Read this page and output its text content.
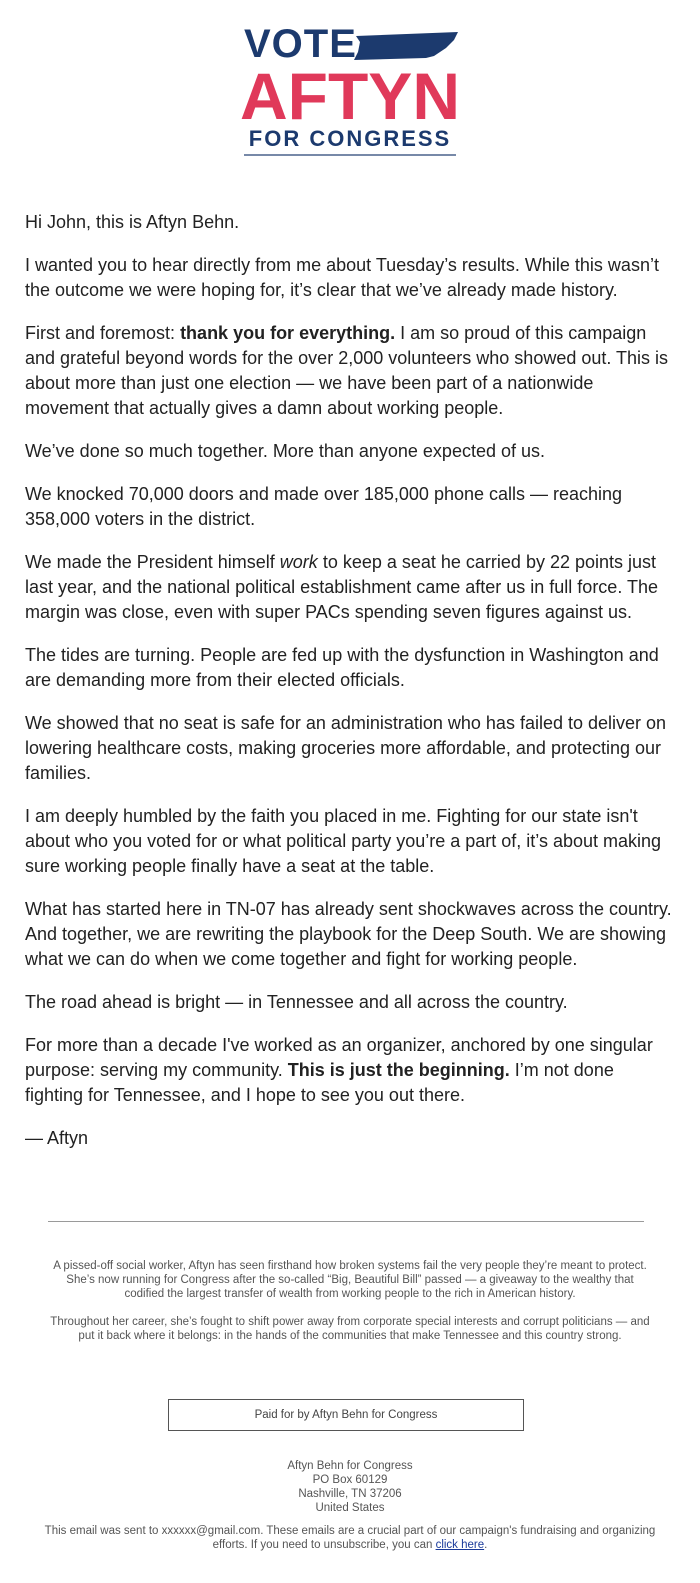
VOTE
AFTYN
FOR CONGRESS

Hi John, this is Aftyn Behn.

I wanted you to hear directly from me about Tuesday’s results. While this wasn’t the outcome we were hoping for, it’s clear that we’ve already made history.

First and foremost: thank you for everything. I am so proud of this campaign and grateful beyond words for the over 2,000 volunteers who showed out. This is about more than just one election — we have been part of a nationwide movement that actually gives a damn about working people.

We’ve done so much together. More than anyone expected of us.

We knocked 70,000 doors and made over 185,000 phone calls — reaching 358,000 voters in the district.

We made the President himself work to keep a seat he carried by 22 points just last year, and the national political establishment came after us in full force. The margin was close, even with super PACs spending seven figures against us.

The tides are turning. People are fed up with the dysfunction in Washington and are demanding more from their elected officials.

We showed that no seat is safe for an administration who has failed to deliver on lowering healthcare costs, making groceries more affordable, and protecting our families.

I am deeply humbled by the faith you placed in me. Fighting for our state isn't about who you voted for or what political party you’re a part of, it’s about making sure working people finally have a seat at the table.

What has started here in TN-07 has already sent shockwaves across the country. And together, we are rewriting the playbook for the Deep South. We are showing what we can do when we come together and fight for working people.

The road ahead is bright — in Tennessee and all across the country.

For more than a decade I've worked as an organizer, anchored by one singular purpose: serving my community. This is just the beginning. I’m not done fighting for Tennessee, and I hope to see you out there.

— Aftyn

A pissed-off social worker, Aftyn has seen firsthand how broken systems fail the very people they’re meant to protect. She’s now running for Congress after the so-called “Big, Beautiful Bill” passed — a giveaway to the wealthy that codified the largest transfer of wealth from working people to the rich in American history.

Throughout her career, she’s fought to shift power away from corporate special interests and corrupt politicians — and put it back where it belongs: in the hands of the communities that make Tennessee and this country strong.

Paid for by Aftyn Behn for Congress
Aftyn Behn for Congress
PO Box 60129
Nashville, TN 37206
United States
This email was sent to xxxxxx@gmail.com. These emails are a crucial part of our campaign's fundraising and organizing efforts. If you need to unsubscribe, you can click here.
